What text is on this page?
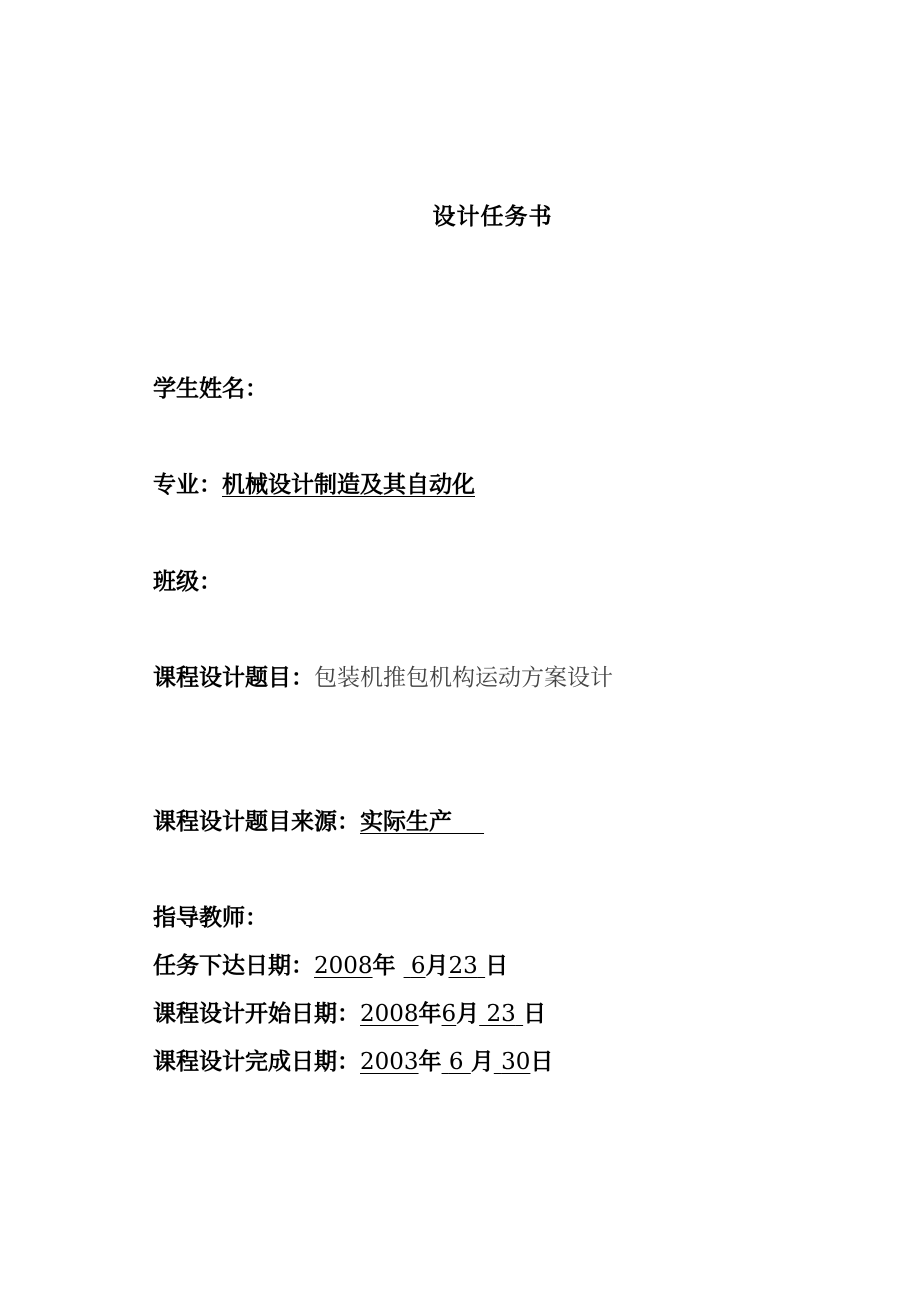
设计任务书
学生姓名：
专业：机械设计制造及其自动化
班级：
课程设计题目：包装机推包机构运动方案设计
课程设计题目来源：实际生产
指导教师：
任务下达日期：2008年 6月23 日
课程设计开始日期：2008年6月 23 日
课程设计完成日期：2003年 6 月 30日
